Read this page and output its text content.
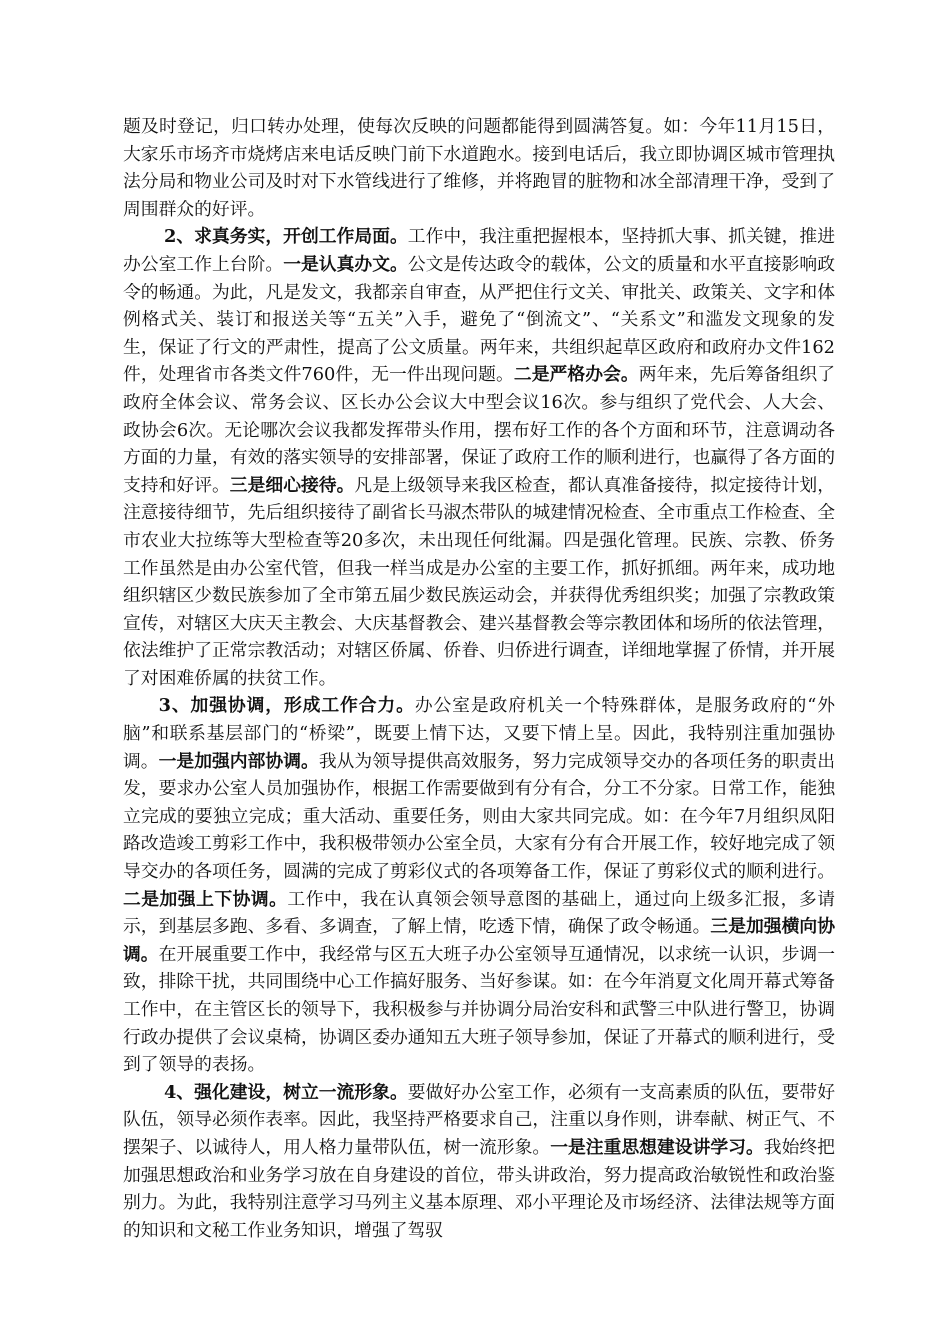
题及时登记，归口转办处理，使每次反映的问题都能得到圆满答复。如：今年11月15日，大家乐市场齐市烧烤店来电话反映门前下水道跑水。接到电话后，我立即协调区城市管理执法分局和物业公司及时对下水管线进行了维修，并将跑冒的脏物和冰全部清理干净，受到了周围群众的好评。

2、求真务实，开创工作局面。工作中，我注重把握根本，坚持抓大事、抓关键，推进办公室工作上台阶。一是认真办文。公文是传达政令的载体，公文的质量和水平直接影响政令的畅通。为此，凡是发文，我都亲自审查，从严把住行文关、审批关、政策关、文字和体例格式关、装订和报送关等“五关”入手，避免了“倒流文”、“关系文”和滥发文现象的发生，保证了行文的严肃性，提高了公文质量。两年来，共组织起草区政府和政府办文件162件，处理省市各类文件760件，无一件出现问题。二是严格办会。两年来，先后筹备组织了政府全体会议、常务会议、区长办公会议大中型会议16次。参与组织了党代会、人大会、政协会6次。无论哪次会议我都发挥带头作用，摆布好工作的各个方面和环节，注意调动各方面的力量，有效的落实领导的安排部署，保证了政府工作的顺利进行，也赢得了各方面的支持和好评。三是细心接待。凡是上级领导来我区检查，都认真准备接待，拟定接待计划，注意接待细节，先后组织接待了副省长马淑杰带队的城建情况检查、全市重点工作检查、全市农业大拉练等大型检查等20多次，未出现任何纰漏。四是强化管理。民族、宗教、侨务工作虽然是由办公室代管，但我一样当成是办公室的主要工作，抓好抓细。两年来，成功地组织辖区少数民族参加了全市第五届少数民族运动会，并获得优秀组织奖；加强了宗教政策宣传，对辖区大庆天主教会、大庆基督教会、建兴基督教会等宗教团体和场所的依法管理，依法维护了正常宗教活动；对辖区侨属、侨眷、归侨进行调查，详细地掌握了侨情，并开展了对困难侨属的扶贫工作。

3、加强协调，形成工作合力。办公室是政府机关一个特殊群体，是服务政府的“外脑”和联系基层部门的“桥梁”，既要上情下达，又要下情上呈。因此，我特别注重加强协调。一是加强内部协调。我从为领导提供高效服务，努力完成领导交办的各项任务的职责出发，要求办公室人员加强协作，根据工作需要做到有分有合，分工不分家。日常工作，能独立完成的要独立完成；重大活动、重要任务，则由大家共同完成。如：在今年7月组织凤阳路改造竣工剪彩工作中，我积极带领办公室全员，大家有分有合开展工作，较好地完成了领导交办的各项任务，圆满的完成了剪彩仪式的各项筹备工作，保证了剪彩仪式的顺利进行。二是加强上下协调。工作中，我在认真领会领导意图的基础上，通过向上级多汇报，多请示，到基层多跑、多看、多调查，了解上情，吃透下情，确保了政令畅通。三是加强横向协调。在开展重要工作中，我经常与区五大班子办公室领导互通情况，以求统一认识，步调一致，排除干扰，共同围绕中心工作搞好服务、当好参谋。如：在今年消夏文化周开幕式筹备工作中，在主管区长的领导下，我积极参与并协调分局治安科和武警三中队进行警卫，协调行政办提供了会议桌椅，协调区委办通知五大班子领导参加，保证了开幕式的顺利进行，受到了领导的表扬。

4、强化建设，树立一流形象。要做好办公室工作，必须有一支高素质的队伍，要带好队伍，领导必须作表率。因此，我坚持严格要求自己，注重以身作则，讲奉献、树正气、不摆架子、以诚待人，用人格力量带队伍，树一流形象。一是注重思想建设讲学习。我始终把加强思想政治和业务学习放在自身建设的首位，带头讲政治，努力提高政治敏锐性和政治鉴别力。为此，我特别注意学习马列主义基本原理、邓小平理论及市场经济、法律法规等方面的知识和文秘工作业务知识，增强了驾驭
